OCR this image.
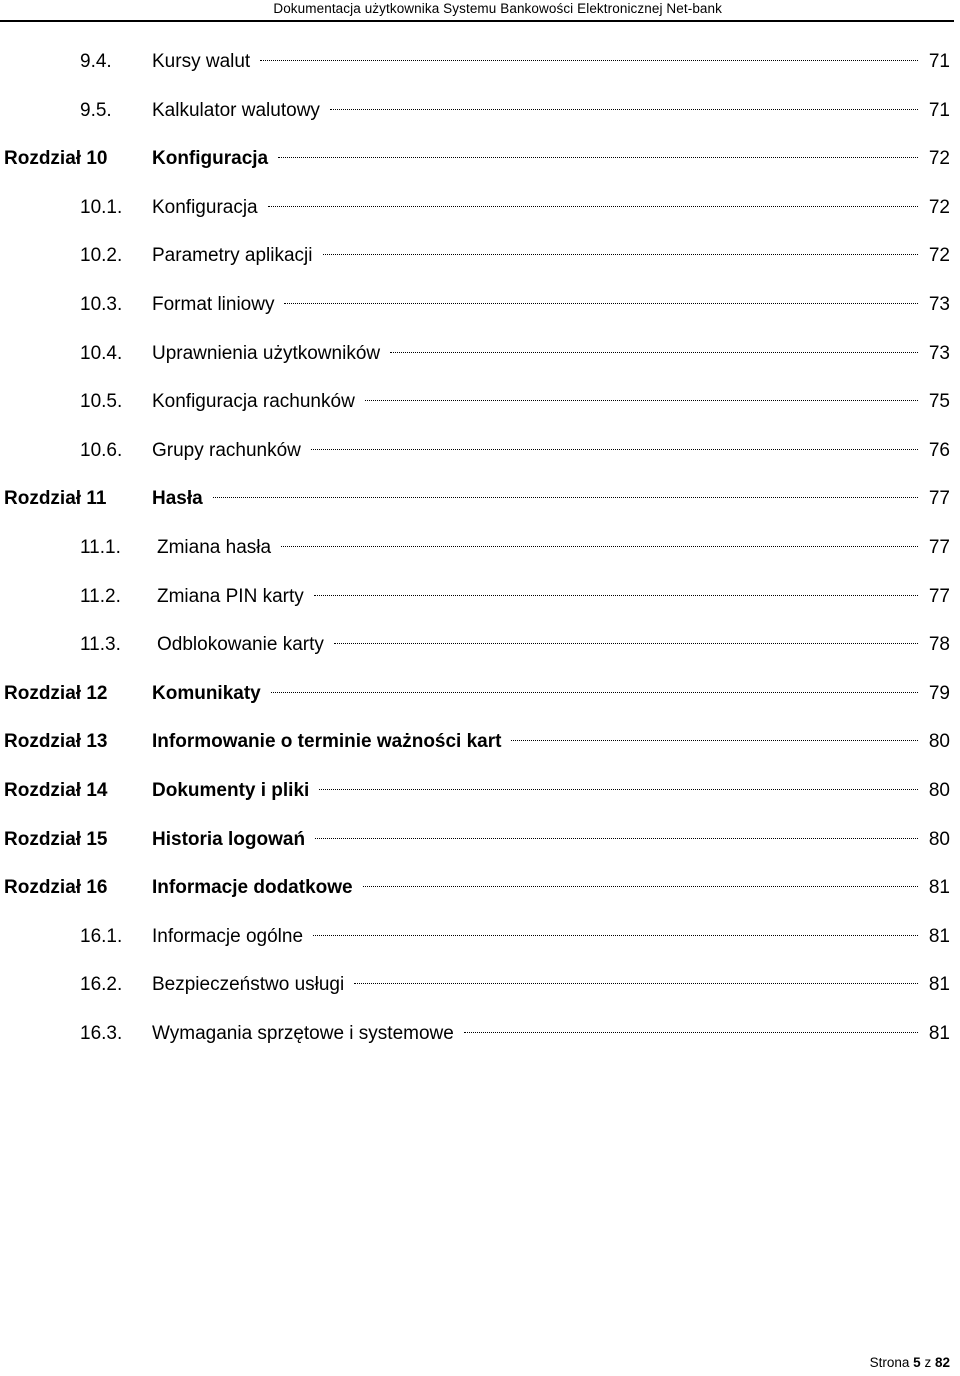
Dokumentacja użytkownika Systemu Bankowości Elektronicznej Net-bank
9.4. Kursy walut	71
9.5. Kalkulator walutowy	71
Rozdział 10 Konfiguracja	72
10.1. Konfiguracja	72
10.2. Parametry aplikacji	72
10.3. Format liniowy	73
10.4. Uprawnienia użytkowników	73
10.5. Konfiguracja rachunków	75
10.6. Grupy rachunków	76
Rozdział 11 Hasła	77
11.1. Zmiana hasła	77
11.2. Zmiana PIN karty	77
11.3. Odblokowanie karty	78
Rozdział 12 Komunikaty	79
Rozdział 13 Informowanie o terminie ważności kart	80
Rozdział 14 Dokumenty i pliki	80
Rozdział 15 Historia logowań	80
Rozdział 16 Informacje dodatkowe	81
16.1. Informacje ogólne	81
16.2. Bezpieczeństwo usługi	81
16.3. Wymagania sprzętowe i systemowe	81
Strona 5 z 82
